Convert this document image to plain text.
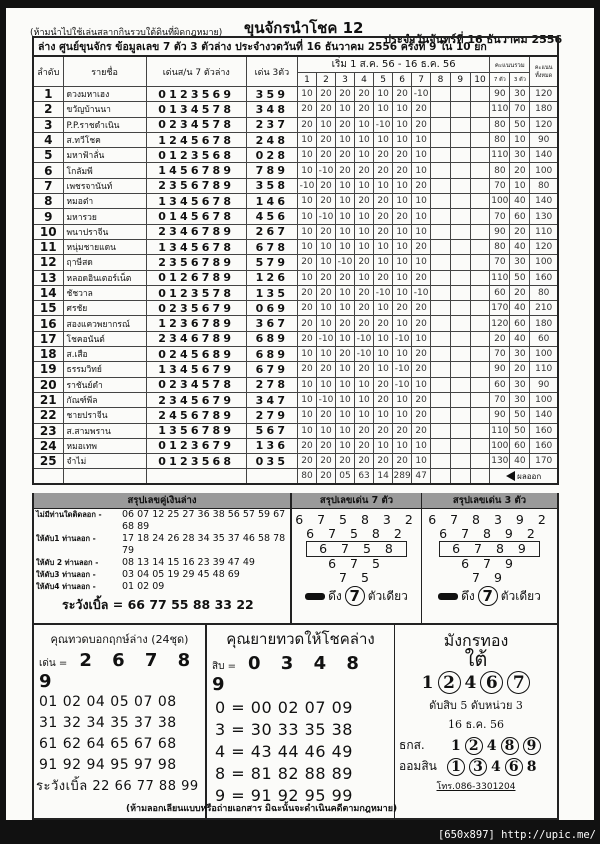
(ห้ามนำไปใช้เล่นสลากกินรวบใต้ดินที่ผิดกฎหมาย) ขุนจักรนำโชค 12
ประจำวันจันทร์ที่ 16 ธันวาคม 2556
ล่าง ศูนย์ขุนจักร ข้อมูลเลข 7 ตัว 3 ตัวล่าง ประจำงวดวันที่ 16 ธันวาคม 2556 ครั้งที่ 9 ใน 10 ยก																
ลำดับ	รายชื่อ	เด่นส/น 7 ตัวล่าง	เด่น 3ตัว	เริ่ม 1 ส.ค. 56 - 16 ธ.ค. 56										คะแนนรวม		คะแนนทั้งหมด
				1	2	3	4	5	6	7	8	9	10	7 ตัว	3 ตัว	
1	ดวงมหาเฮง	0123569	359	10	20	20	20	10	20	-10				90	30	120
2	ขวัญบ้านนา	0134578	348	20	20	10	20	10	10	20				110	70	180
3	P.P.ราชดำเนิน	0234578	237	20	10	20	10	-10	10	20				80	50	120
4	ส.ทวีโชค	1245678	248	10	20	10	10	10	10	10				80	10	90
5	มหาฟ้าลั่น	0123568	028	10	20	20	10	20	20	10				110	30	140
6	โกลัมพี	1456789	789	10	-10	20	20	20	20	10				80	20	100
7	เพชรจานันท์	2356789	358	-10	20	10	10	10	10	20				70	10	80
8	หมอต๋า	1345678	146	10	20	10	20	20	10	10				100	40	140
9	มหารวย	0145678	456	10	-10	10	10	20	20	10				70	60	130
10	พนาปราจีน	2346789	267	10	20	10	10	20	10	10				90	20	110
11	หนุ่มชายแดน	1345678	678	10	10	10	10	10	10	20				80	40	120
12	ฤาษีสด	2356789	579	20	10	-10	20	10	10	10				70	30	100
13	หลอดอินเตอร์เน็ต	0126789	126	10	20	20	10	20	10	20				110	50	160
14	ชัชวาล	0123578	135	20	20	10	20	-10	10	-10				60	20	80
15	ศรชัย	0235679	069	20	10	10	20	10	20	20				170	40	210
16	สองแควพยากรณ์	1236789	367	20	10	20	20	20	10	20				120	60	180
17	โชคอนันต์	2346789	689	20	-10	10	-10	10	-10	10				20	40	60
18	ส.เสือ	0245689	689	10	10	20	-10	10	10	20				70	30	100
19	ธรรมวิทย์	1345679	679	20	20	10	20	10	-10	20				90	20	110
20	ราชันย์ดำ	0234578	278	10	10	10	10	20	-10	10				60	30	90
21	กัณฑ์พีล	2345679	347	10	-10	10	10	20	10	20				70	30	100
22	ชายปราจีน	2456789	279	10	20	10	10	10	10	20				90	50	140
23	ส.สามพราน	1356789	567	10	10	10	20	20	20	20				110	50	160
24	หมอเทพ	0123679	136	20	20	10	20	10	10	10				100	60	160
25	จำไม่	0123568	035	20	20	20	20	20	20	10				130	40	170
				80	20	05	63	14	289	47				ผลออก		
สรุปเลขคู่เงินล่าง
ไม่มีท่านใดติดลอก -	06 07 12 25 27 36 38 56 57 59 67 68 89
ให้ดับ1 ท่านลอก -	17 18 24 26 28 34 35 37 46 58 78 79
ให้ดับ 2 ท่านลอก -	08 13 14 15 16 23 39 47 49
ให้ดับ3 ท่านลอก -	03 04 05 19 29 45 48 69
ให้ดับ4 ท่านลอก -	01 02 09
ระวังเบิ้ล = 66 77 55 88 33 22
สรุปเลขเด่น 7 ตัว
6 7 5 8 3 2
6 7 5 8 2
6 7 5 8
6 7 5
7 5
ดึง 7 ตัวเดียว
สรุปเลขเด่น 3 ตัว
6 7 8 3 9 2
6 7 8 9 2
6 7 8 9
6 7 9
7 9
ดึง 7 ตัวเดียว
คุณทวดบอกฤกษ์ล่าง (24ชุด)
เด่น = 2 6 7 8 9
01 02 04 05 07 08
31 32 34 35 37 38
61 62 64 65 67 68
91 92 94 95 97 98
ระวังเบิ้ล 22 66 77 88 99
คุณยายทวดให้โชคล่าง
สิบ = 0 3 4 8 9
0 = 00 02 07 09
3 = 30 33 35 38
4 = 43 44 46 49
8 = 81 82 88 89
9 = 91 92 95 99
มังกรทอง
ใต้
1 2 4 6 7
ดับสิบ 5 ดับหน่วย 3
16 ธ.ค. 56
ธกส.	1 2 4 8 9
ออมสิน	1 3 4 6 8
โทร.086-3301204
(ห้ามลอกเลียนแบบหรือถ่ายเอกสาร มิฉะนั้นจะดำเนินคดีตามกฎหมาย)
[650x897] http://upic.me/
